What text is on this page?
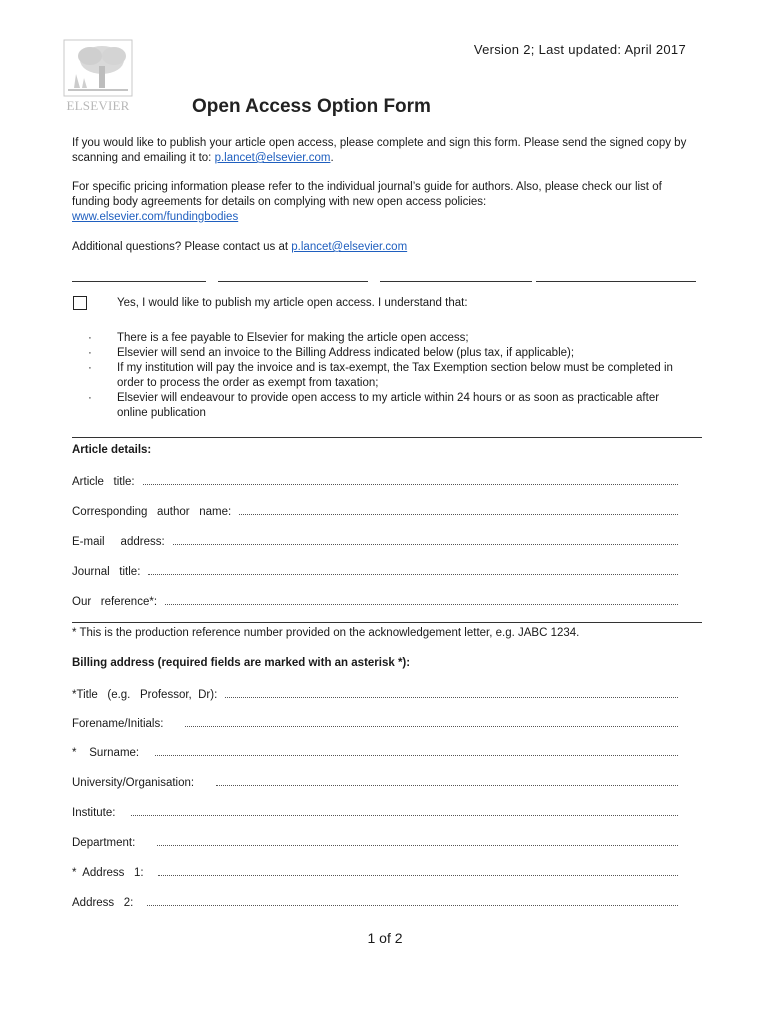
Version 2; Last updated: April 2017
ELSEVIER	Open Access Option Form
If you would like to publish your article open access, please complete and sign this form. Please send the signed copy by scanning and emailing it to: p.lancet@elsevier.com.
For specific pricing information please refer to the individual journal’s guide for authors. Also, please check our list of funding body agreements for details on complying with new open access policies:
www.elsevier.com/fundingbodies
Additional questions? Please contact us at p.lancet@elsevier.com
Yes, I would like to publish my article open access. I understand that:
· There is a fee payable to Elsevier for making the article open access;
· Elsevier will send an invoice to the Billing Address indicated below (plus tax, if applicable);
· If my institution will pay the invoice and is tax-exempt, the Tax Exemption section below must be completed in order to process the order as exempt from taxation;
· Elsevier will endeavour to provide open access to my article within 24 hours or as soon as practicable after online publication
Article details:
Article   title:
Corresponding   author   name:
E-mail     address:
Journal   title:
Our   reference*:
* This is the production reference number provided on the acknowledgement letter, e.g. JABC 1234.
Billing address (required fields are marked with an asterisk *):
*Title   (e.g.   Professor,  Dr):
Forename/Initials:
*    Surname:
University/Organisation:
Institute:
Department:
*  Address   1:
Address   2:
1 of 2
